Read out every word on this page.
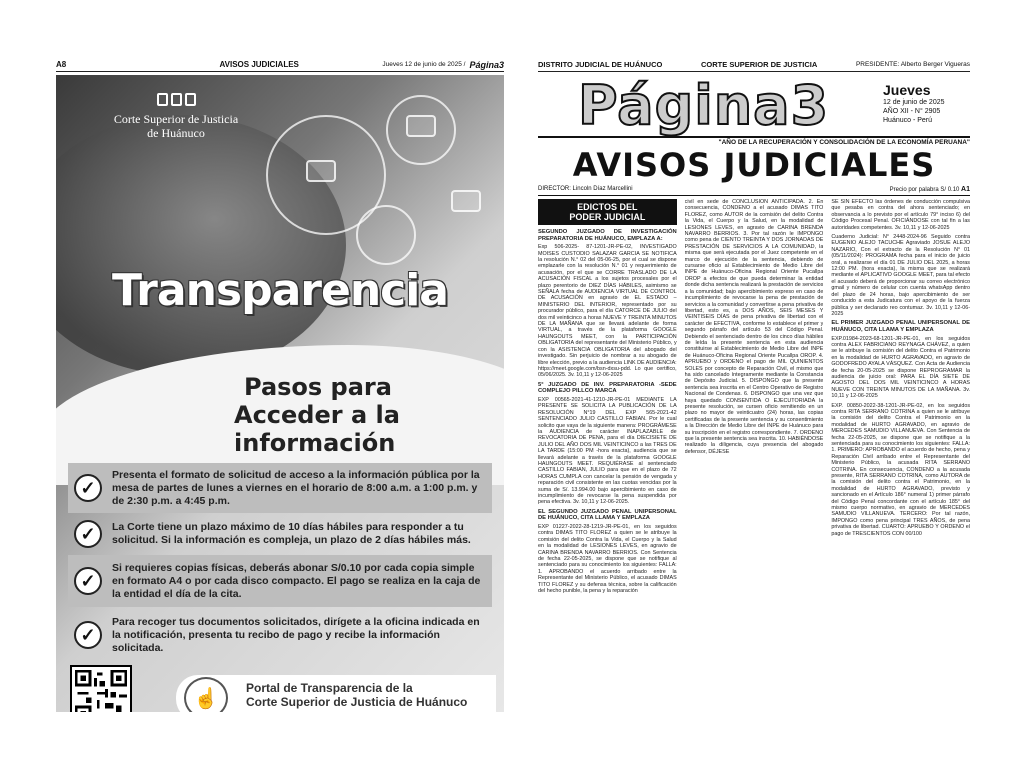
A8	AVISOS JUDICIALES	Jueves 12 de junio de 2025 / Página3
Corte Superior de Justicia
de Huánuco
Transparencia
Pasos para
Acceder a la información
✓

Presenta el formato de solicitud de acceso a la información pública por la mesa de partes de lunes a viernes en el horario de 8:00 a.m. a 1:00 p.m. y de 2:30 p.m. a 4:45 p.m.

✓	La Corte tiene un plazo máximo de 10 días hábiles para responder a tu solicitud. Si la información es compleja, un plazo de 2 días hábiles más.

✓

Si requieres copias físicas, deberás abonar S/0.10 por cada copia simple en formato A4 o por cada disco compacto. El pago se realiza en la caja de la entidad el día de la cita.

✓

Para recoger tus documentos solicitados, dirígete a la oficina indicada en la notificación, presenta tu recibo de pago y recibe la información solicitada.

☝	Portal de Transparencia de la
Corte Superior de Justicia de Huánuco
DISTRITO JUDICIAL DE HUÁNUCO	CORTE SUPERIOR DE JUSTICIA	PRESIDENTE: Alberto Berger Vigueras
Página3	Jueves
12 de junio de 2025
AÑO XII - N° 2905
Huánuco - Perú
"AÑO DE LA RECUPERACIÓN Y CONSOLIDACIÓN DE LA ECONOMÍA PERUANA"
AVISOS JUDICIALES
DIRECTOR: Lincoln Díaz Marcellini	Precio por palabra S/ 0.10 A1
EDICTOS DEL
PODER JUDICIAL
SEGUNDO JUZGADO DE INVESTIGACIÓN PREPARATORIA DE HUÁNUCO, EMPLAZA A:

Exp 506-2025- 87-1201-JR-PE-02, INVESTIGADO MOISES CUSTODIO SALAZAR GARCIA SE NOTIFICA la resolución N.° 02 del 05-06-25, por el cual se dispone emplazarle con la resolución N.° 01 y requerimiento de acusación, por el que se CORRE TRASLADO DE LA ACUSACIÓN FISCAL a los sujetos procesales por el plazo perentorio de DIEZ DÍAS HÁBILES, asimismo se SEÑALA fecha de AUDIENCIA VIRTUAL DE CONTROL DE ACUSACIÓN en agravio de EL ESTADO – MINISTERIO DEL INTERIOR, representado por su procurador público, para el día CATORCE DE JULIO del dos mil veinticinco a horas NUEVE Y TREINTA MINUTOS DE LA MAÑANA que se llevará adelante de forma VIRTUAL, a través de la plataforma GOOGLE HAUNGOUTS MEET, con la PARTICIPACIÓN OBLIGATORIA del representante del Ministerio Público, y con la ASISTENCIA OBLIGATORIA del abogado del investigado. Sin perjuicio de nombrar a su abogado de libre elección, previo a la audiencia LINK DE AUDIENCIA: https://meet.google.com/bsn-dxsu-pdd. Lo que certifico, 05/06/2025. 3v. 10,11 y 12-06-2025

5° JUZGADO DE INV. PREPARATORIA -SEDE COMPLEJO PILLCO MARCA

EXP 00565-2021-41-1210-JR-PE-01 MEDIANTE LA PRESENTE SE SOLICITA LA PUBLICACIÓN DE LA RESOLUCIÓN N°19 DEL EXP 565-2021-42 SENTENCIADO JULIO CASTILLO FABIAN. Por le cual solicito que vaya de la siguiente manera: PROGRÁMESE la AUDIENCIA de carácter INAPLAZABLE de REVOCATORIA DE PENA, para el día DIECISIETE DE JULIO DEL AÑO DOS MIL VEINTICINCO a las TRES DE LA TARDE (15:00 PM -hora exacta), audiencia que se llevará adelante a través de la plataforma GOOGLE HAUNGOUTS MEET. REQUIÉRASE al sentenciado CASTILLO FABIAN, JULIO para que en el plazo de 72 HORAS CUMPLA con cancelar la pensión de vengada y reparación civil consistente en las cuotas vencidas por la suma de S/. 13.994.00 bajo apercibimiento en caso de incumplimiento de revocarse la pena suspendida por pena efectiva. 3v. 10,11 y 12-06-2025.

EL SEGUNDO JUZGADO PENAL UNIPERSONAL DE HUÁNUCO, CITA LLAMA Y EMPLAZA

EXP 01227-2022-28-1219-JR-PE-01, en los seguidos contra DIMAS TITO FLOREZ a quien se le atribuye la comisión del delito Contra la Vida, el Cuerpo y la Salud en la modalidad de LESIONES LEVES, en agravio de CARINA BRENDA NAVARRO BERRIOS. Con Sentencia de fecha 22-05-2025, se dispone que se notifique al sentenciado para su conocimiento los siguientes: FALLA: 1. APROBANDO el acuerdo arribado entre la Representante del Ministerio Público, el acusado DIMAS TITO FLOREZ y su defensa técnica, sobre la calificación del hecho punible, la pena y la reparación

civil en sede de CONCLUSIÓN ANTICIPADA. 2. En consecuencia, CONDENO a el acusado DIMAS TITO FLOREZ, como AUTOR de la comisión del delito Contra la Vida, el Cuerpo y la Salud, en la modalidad de LESIONES LEVES, en agravio de CARINA BRENDA NAVARRO BERRIOS. 3. Por tal razón le IMPONGO como pena de CIENTO TREINTA Y DOS JORNADAS DE PRESTACIÓN DE SERVICIOS A LA COMUNIDAD, la misma que será ejecutada por el Juez competente en el marco de ejecución de la sentencia, debiendo de cursarse oficio al Establecimiento de Medio Libre del INPE de Huánuco-Oficina Regional Oriente Pucallpa OROP a efectos de que pueda determinar la entidad donde dicha sentencia realizará la prestación de servicios a la comunidad; bajo apercibimiento expreso en caso de incumplimiento de revocarse la pena de prestación de servicios a la comunidad y convertirse a pena privativa de libertad, esto es, a DOS AÑOS, SEIS MESES Y VEINTISEIS DÍAS de pena privativa de libertad con el carácter de EFECTIVA, conforme lo establece el primer y segundo párrafo del artículo 53 del Código Penal. Debiendo el sentenciado dentro de los cinco días hábiles de leída la presente sentencia en esta audiencia constituirse al Establecimiento de Medio Libre del INPE de Huánuco-Oficina Regional Oriente Pucallpa OROP. 4. APRUEBO y ORDENO el pago de MIL QUINIENTOS SOLES por concepto de Reparación Civil, el mismo que ha sido cancelado íntegramente mediante la Constancia de Depósito Judicial. 5. DISPONGO que la presente sentencia sea inscrita en el Centro Operativo de Registro Nacional de Condenas. 6. DISPONGO que una vez que haya quedado CONSENTIDA O EJECUTORIADA la presente resolución, se cursen oficio remitiendo en un plazo no mayor de veinticuatro (24) horas, las copias certificadas de la presente sentencia y su consentimiento a la Dirección de Medio Libre del INPE de Huánuco para su inscripción en el registro correspondiente. 7. ORDENO que la presente sentencia sea inscrita. 10. HABIÉNDOSE realizado la diligencia, cuya presencia del abogado defensor, DÉJESE

SE SIN EFECTO las órdenes de conducción compulsiva que pesaba en contra del ahora sentenciado; en observancia a lo previsto por el artículo 79° inciso 6) del Código Procesal Penal. OFICIÁNDOSE con tal fin a las autoridades competentes. 3v. 10,11 y 12-06-2025

Cuaderno Judicial: N° 2448-2024-96 Seguido contra EUGENIO ALEJO TACUCHE Agraviado JOSUE ALEJO NAZARIO, Con el extracto de la Resolución N° 01 (05/11/2024): PROGRAMA fecha para el inicio de juicio oral, a realizarse el día 01 DE JULIO DEL 2025, a horas 12:00 PM. (hora exacta), la misma que se realizará mediante el APLICATIVO GOOGLE MEET, para tal efecto el acusado deberá de proporcionar su correo electrónico gmail y número de celular con cuenta whatsApp dentro del plazo de 24 horas, bajo apercibimiento de ser conducido a esta Judicatura con el apoyo de la fuerza pública y ser declarado reo contumaz. 3v. 10,11 y 12-06-2025

EL PRIMER JUZGADO PENAL UNIPERSONAL DE HUÁNUCO, CITA LLAMA Y EMPLAZA

EXP.01984-2023-68-1201-JR-PE-01, en los seguidos contra ALEX FABRICIANO REYNAGA CHÁVEZ, a quien se le atribuye la comisión del delito Contra el Patrimonio en la modalidad de HURTO AGRAVADO, en agravio de GODOFREDO AYALA VÁSQUEZ. Con Acta de Audiencia de fecha 20-05-2025 se dispone REPROGRAMAR la audiencia de juicio oral: PARA EL DÍA SIETE DE AGOSTO DEL DOS MIL VEINTICINCO A HORAS NUEVE CON TREINTA MINUTOS DE LA MAÑANA. 3v. 10,11 y 12-06-2025

EXP. 00850-2022-38-1201-JR-PE-02, en los seguidos contra RITA SERRANO COTRINA a quien se le atribuye la comisión del delito Contra el Patrimonio en la modalidad de HURTO AGRAVADO, en agravio de MERCEDES SAMUDIO VILLANUEVA. Con Sentencia de fecha 22-05-2025, se dispone que se notifique a la sentenciada para su conocimiento los siguientes: FALLA: 1. PRIMERO: APROBANDO el acuerdo de hecho, pena y Reparación Civil arribado entre el Representante del Ministerio Público, la acusada RITA SERRANO COTRINA. En consecuencia, CONDENO a la acusada presente, RITA SERRANO COTRINA, como AUTORA de la comisión del delito contra el Patrimonio, en la modalidad de HURTO AGRAVADO, previsto y sancionado en el Artículo 186° numeral 1) primer párrafo del Código Penal concordante con el artículo 185° del mismo cuerpo normativo, en agravio de MERCEDES SAMUDIO VILLANUEVA. TERCERO: Por tal razón, IMPONGO como pena principal TRES AÑOS, de pena privativa de libertad. CUARTO: APRUEBO Y ORDENO el pago de TRESCIENTOS CON 00/100
